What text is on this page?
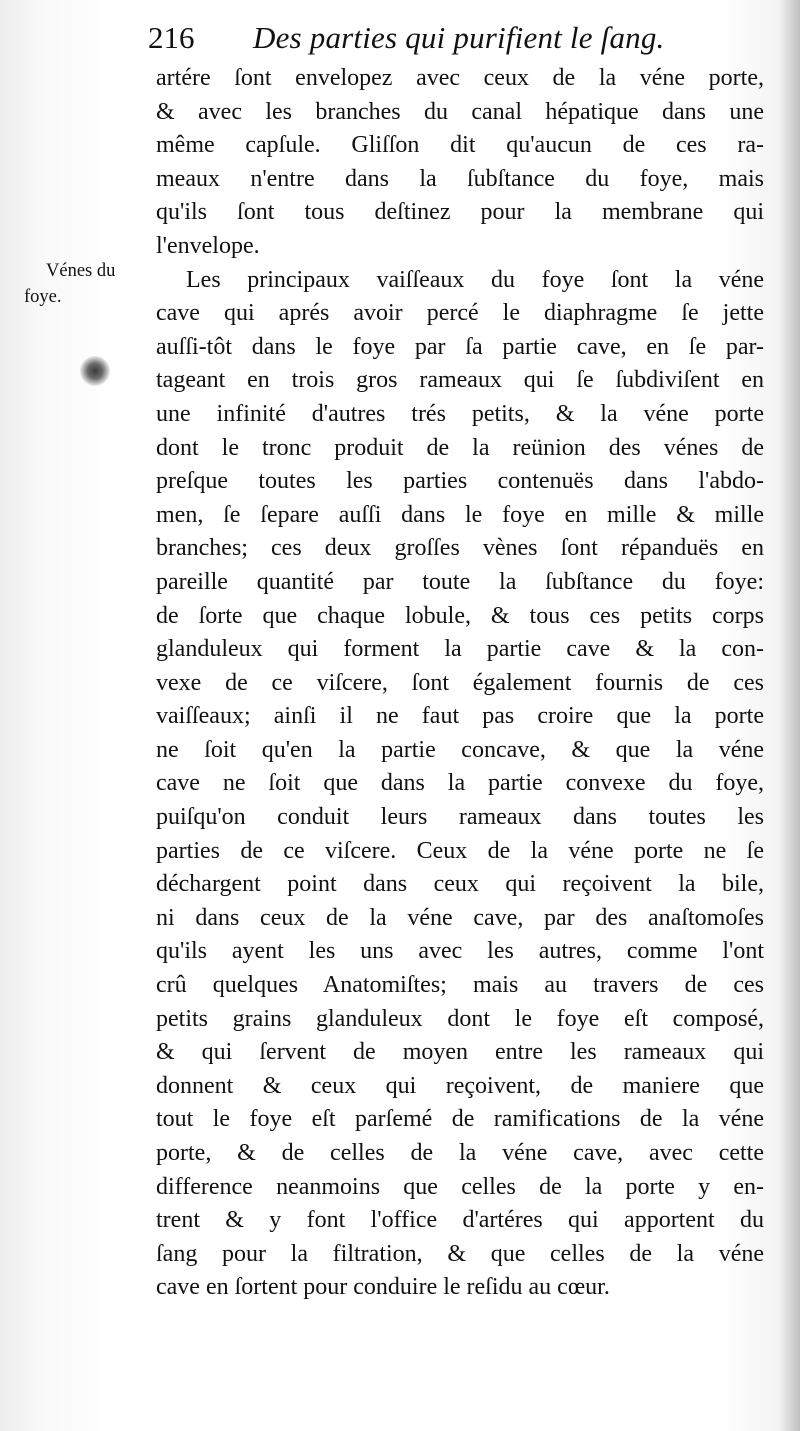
216 Des parties qui purifient le ſang.
Vénes du
foye.
artére ſont envelopez avec ceux de la véne porte,
& avec les branches du canal hépatique dans une
même capſule. Gliſſon dit qu'aucun de ces ra-
meaux n'entre dans la ſubſtance du foye, mais
qu'ils ſont tous deſtinez pour la membrane qui
l'envelope.
Les principaux vaiſſeaux du foye ſont la véne
cave qui aprés avoir percé le diaphragme ſe jette
auſſi-tôt dans le foye par ſa partie cave, en ſe par-
tageant en trois gros rameaux qui ſe ſubdiviſent en
une infinité d'autres trés petits, & la véne porte
dont le tronc produit de la reünion des vénes de
preſque toutes les parties contenuës dans l'abdo-
men, ſe ſepare auſſi dans le foye en mille & mille
branches; ces deux groſſes vènes ſont répanduës en
pareille quantité par toute la ſubſtance du foye:
de ſorte que chaque lobule, & tous ces petits corps
glanduleux qui forment la partie cave & la con-
vexe de ce viſcere, ſont également fournis de ces
vaiſſeaux; ainſi il ne faut pas croire que la porte
ne ſoit qu'en la partie concave, & que la véne
cave ne ſoit que dans la partie convexe du foye,
puiſqu'on conduit leurs rameaux dans toutes les
parties de ce viſcere. Ceux de la véne porte ne ſe
déchargent point dans ceux qui reçoivent la bile,
ni dans ceux de la véne cave, par des anaſtomoſes
qu'ils ayent les uns avec les autres, comme l'ont
crû quelques Anatomiſtes; mais au travers de ces
petits grains glanduleux dont le foye eſt composé,
& qui ſervent de moyen entre les rameaux qui
donnent & ceux qui reçoivent, de maniere que
tout le foye eſt parſemé de ramifications de la véne
porte, & de celles de la véne cave, avec cette
difference neanmoins que celles de la porte y en-
trent & y font l'office d'artéres qui apportent du
ſang pour la filtration, & que celles de la véne
cave en ſortent pour conduire le reſidu au cœur.
